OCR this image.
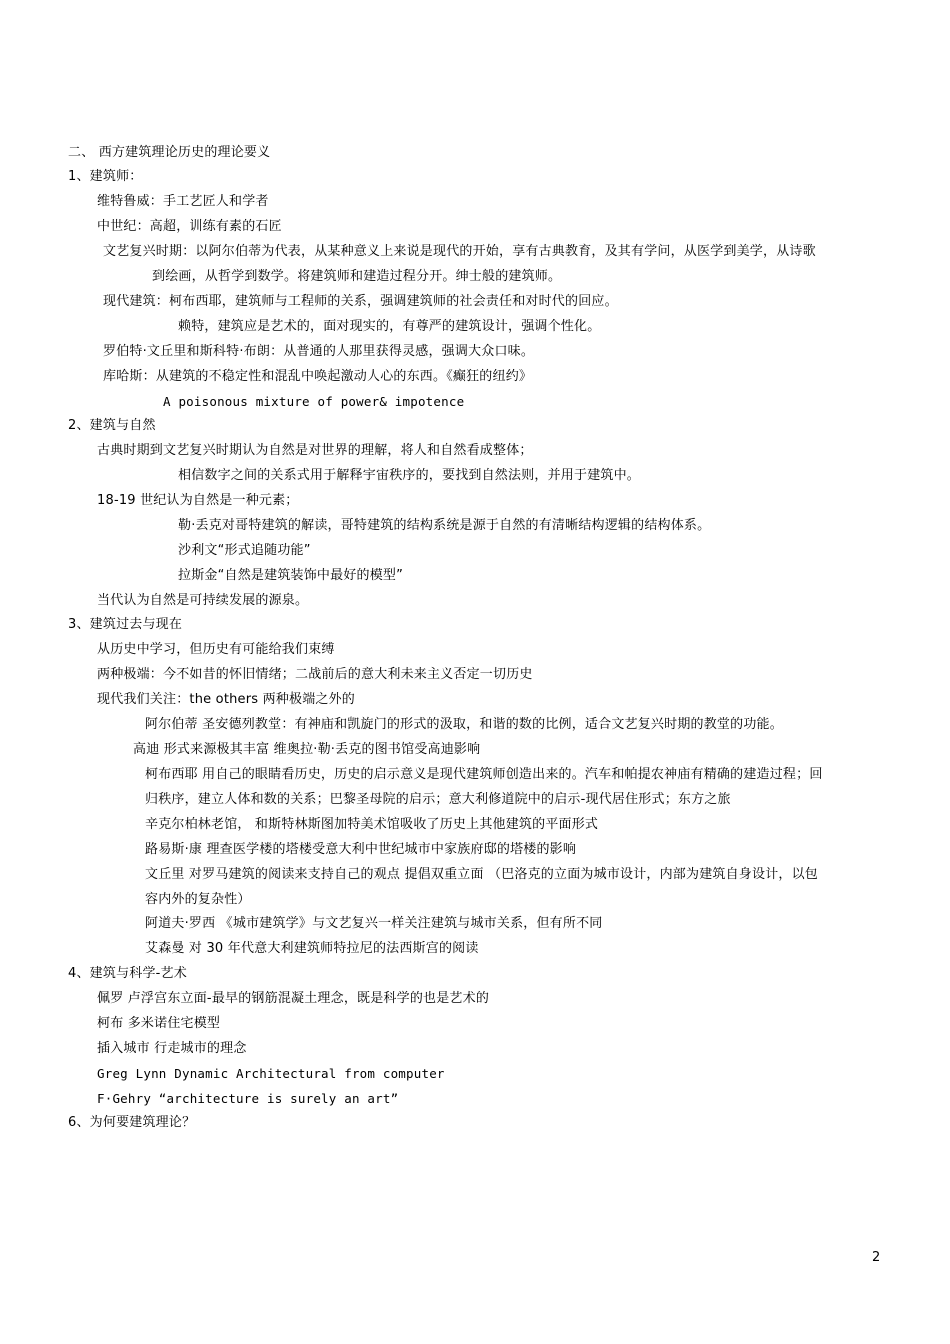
二、 西方建筑理论历史的理论要义
1、建筑师：
维特鲁威：手工艺匠人和学者
中世纪：高超，训练有素的石匠
文艺复兴时期：以阿尔伯蒂为代表，从某种意义上来说是现代的开始，享有古典教育，及其有学问，从医学到美学，从诗歌
到绘画，从哲学到数学。将建筑师和建造过程分开。绅士般的建筑师。
现代建筑：柯布西耶，建筑师与工程师的关系，强调建筑师的社会责任和对时代的回应。
赖特，建筑应是艺术的，面对现实的，有尊严的建筑设计，强调个性化。
罗伯特·文丘里和斯科特·布朗：从普通的人那里获得灵感，强调大众口味。
库哈斯：从建筑的不稳定性和混乱中唤起激动人心的东西。《癫狂的纽约》
A poisonous mixture of power& impotence
2、建筑与自然
古典时期到文艺复兴时期认为自然是对世界的理解，将人和自然看成整体；
相信数字之间的关系式用于解释宇宙秩序的，要找到自然法则，并用于建筑中。
18-19 世纪认为自然是一种元素；
勒·丢克对哥特建筑的解读，哥特建筑的结构系统是源于自然的有清晰结构逻辑的结构体系。
沙利文“形式追随功能”
拉斯金“自然是建筑装饰中最好的模型”
当代认为自然是可持续发展的源泉。
3、建筑过去与现在
从历史中学习，但历史有可能给我们束缚
两种极端：今不如昔的怀旧情绪；二战前后的意大利未来主义否定一切历史
现代我们关注：the others 两种极端之外的
阿尔伯蒂 圣安德列教堂：有神庙和凯旋门的形式的汲取，和谐的数的比例，适合文艺复兴时期的教堂的功能。
高迪 形式来源极其丰富 维奥拉·勒·丢克的图书馆受高迪影响
柯布西耶 用自己的眼睛看历史，历史的启示意义是现代建筑师创造出来的。汽车和帕提农神庙有精确的建造过程；回
归秩序，建立人体和数的关系；巴黎圣母院的启示；意大利修道院中的启示-现代居住形式；东方之旅
辛克尔柏林老馆， 和斯特林斯图加特美术馆吸收了历史上其他建筑的平面形式
路易斯·康 理查医学楼的塔楼受意大利中世纪城市中家族府邸的塔楼的影响
文丘里 对罗马建筑的阅读来支持自己的观点 提倡双重立面 （巴洛克的立面为城市设计，内部为建筑自身设计，以包
容内外的复杂性）
阿道夫·罗西 《城市建筑学》与文艺复兴一样关注建筑与城市关系，但有所不同
艾森曼 对 30 年代意大利建筑师特拉尼的法西斯宫的阅读
4、建筑与科学-艺术
佩罗 卢浮宫东立面-最早的钢筋混凝土理念，既是科学的也是艺术的
柯布 多米诺住宅模型
插入城市 行走城市的理念
Greg Lynn Dynamic Architectural from computer
F·Gehry “architecture is surely an art”
6、为何要建筑理论？
2
